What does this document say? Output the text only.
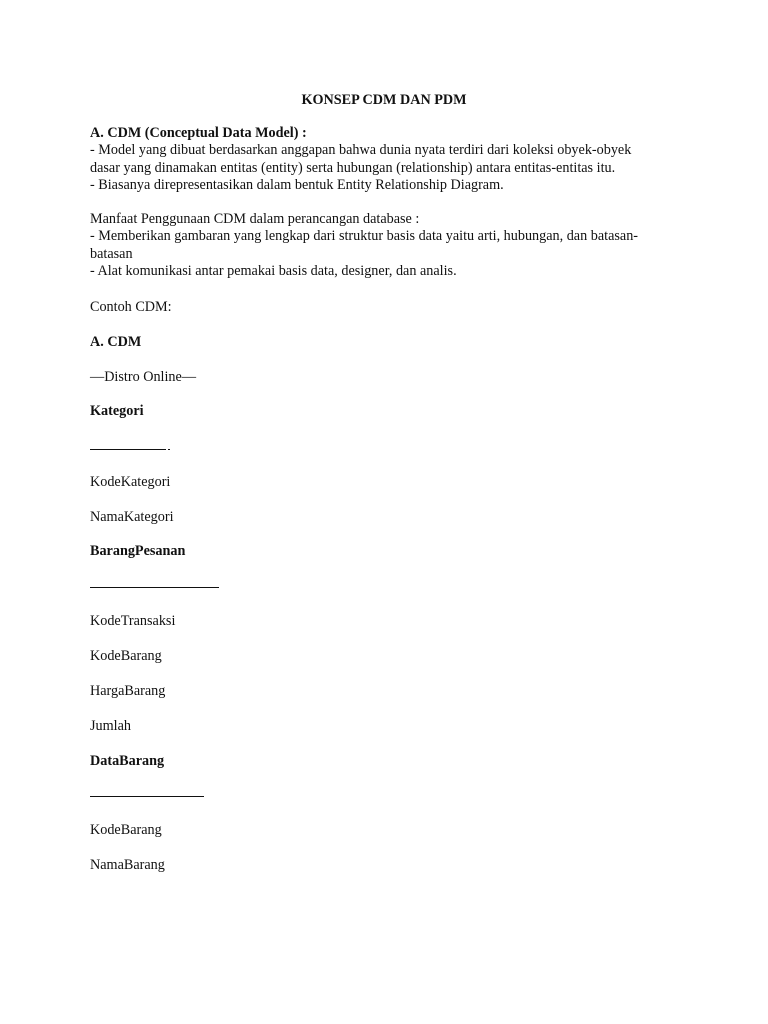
KONSEP CDM DAN PDM

A. CDM (Conceptual Data Model) :

- Model yang dibuat berdasarkan anggapan bahwa dunia nyata terdiri dari koleksi obyek-obyek

dasar yang dinamakan entitas (entity) serta hubungan (relationship) antara entitas-entitas itu.

- Biasanya direpresentasikan dalam bentuk Entity Relationship Diagram.

Manfaat Penggunaan CDM dalam perancangan database :

- Memberikan gambaran yang lengkap dari struktur basis data yaitu arti, hubungan, dan batasan-

batasan

- Alat komunikasi antar pemakai basis data, designer, dan analis.

Contoh CDM:
A. CDM
—Distro Online—
Kategori
KodeKategori
NamaKategori
BarangPesanan
KodeTransaksi
KodeBarang
HargaBarang
Jumlah
DataBarang
KodeBarang
NamaBarang
